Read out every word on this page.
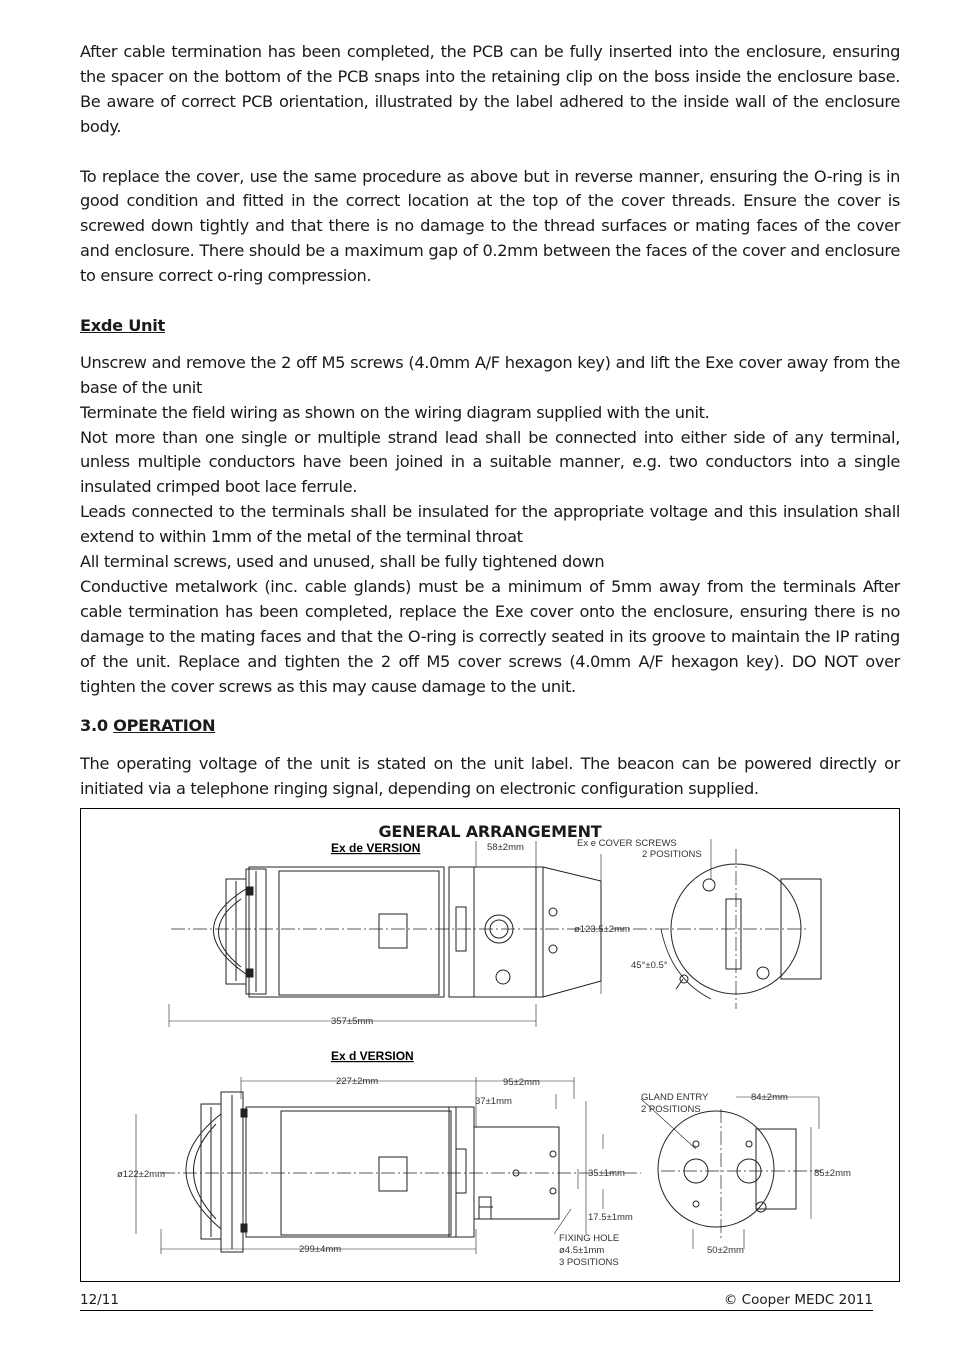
After cable termination has been completed, the PCB can be fully inserted into the enclosure, ensuring the spacer on the bottom of the PCB snaps into the retaining clip on the boss inside the enclosure base. Be aware of correct PCB orientation, illustrated by the label adhered to the inside wall of the enclosure body.

To replace the cover, use the same procedure as above but in reverse manner, ensuring the O-ring is in good condition and fitted in the correct location at the top of the cover threads. Ensure the cover is screwed down tightly and that there is no damage to the thread surfaces or mating faces of the cover and enclosure. There should be a maximum gap of 0.2mm between the faces of the cover and enclosure to ensure correct o-ring compression.

Exde Unit

Unscrew and remove the 2 off M5 screws (4.0mm A/F hexagon key) and lift the Exe cover away from the base of the unit

Terminate the field wiring as shown on the wiring diagram supplied with the unit.

Not more than one single or multiple strand lead shall be connected into either side of any terminal, unless multiple conductors have been joined in a suitable manner, e.g. two conductors into a single insulated crimped boot lace ferrule.

Leads connected to the terminals shall be insulated for the appropriate voltage and this insulation shall extend to within 1mm of the metal of the terminal throat

All terminal screws, used and unused, shall be fully tightened down

Conductive metalwork (inc. cable glands) must be a minimum of 5mm away from the terminals After cable termination has been completed, replace the Exe cover onto the enclosure, ensuring there is no damage to the mating faces and that the O-ring is correctly seated in its groove to maintain the IP rating of the unit. Replace and tighten the 2 off M5 cover screws (4.0mm A/F hexagon key). DO NOT over tighten the cover screws as this may cause damage to the unit.

3.0 OPERATION

The operating voltage of the unit is stated on the unit label. The beacon can be powered directly or initiated via a telephone ringing signal, depending on electronic configuration supplied.

GENERAL ARRANGEMENT
Ex de VERSION
Ex d VERSION
58±2mm	Ex e COVER SCREWS
2 POSITIONS
ø123.5±2mm
45°±0.5°
357±5mm
227±2mm	95±2mm
37±1mm	GLAND ENTRY
2 POSITIONS
84±2mm
ø122±2mm	35±1mm	85±2mm
17.5±1mm
FIXING HOLE
ø4.5±1mm
3 POSITIONS
299±4mm	50±2mm
12/11	© Cooper MEDC 2011
